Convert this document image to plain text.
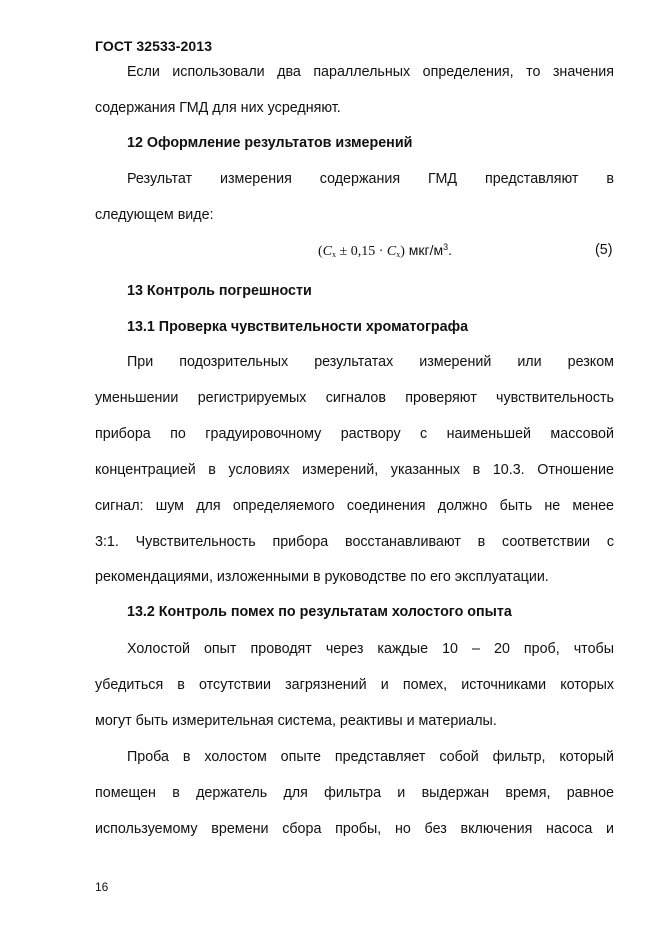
ГОСТ 32533-2013
Если использовали два параллельных определения, то значения
содержания ГМД для них усредняют.
12 Оформление результатов измерений
Результат измерения содержания ГМД представляют в
следующем виде:
$(C_x \pm 0,15 \cdot C_x)$ мкг/$м^3$.	(5)
13 Контроль погрешности
13.1 Проверка чувствительности хроматографа
При подозрительных результатах измерений или резком
уменьшении регистрируемых сигналов проверяют чувствительность
прибора по градуировочному раствору с наименьшей массовой
концентрацией в условиях измерений, указанных в 10.3. Отношение
сигнал: шум для определяемого соединения должно быть не менее
3:1. Чувствительность прибора восстанавливают в соответствии с
рекомендациями, изложенными в руководстве по его эксплуатации.
13.2 Контроль помех по результатам холостого опыта
Холостой опыт проводят через каждые 10 – 20 проб, чтобы
убедиться в отсутствии загрязнений и помех, источниками которых
могут быть измерительная система, реактивы и материалы.
Проба в холостом опыте представляет собой фильтр, который
помещен в держатель для фильтра и выдержан время, равное
используемому времени сбора пробы, но без включения насоса и
16
